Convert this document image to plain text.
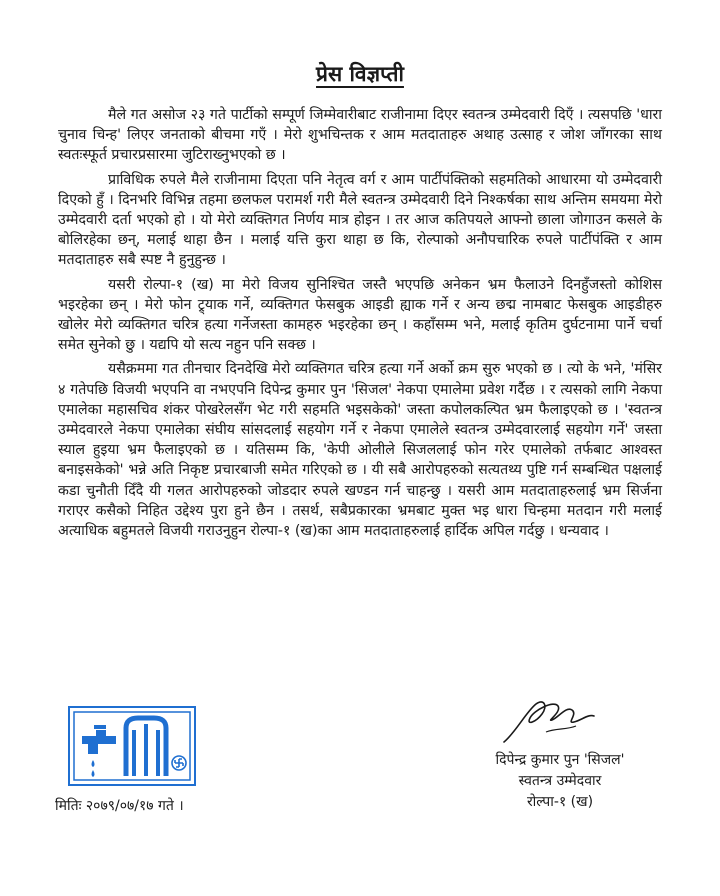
प्रेस विज्ञप्ती

मैले गत असोज २३ गते पार्टीको सम्पूर्ण जिम्मेवारीबाट राजीनामा दिएर स्वतन्त्र उम्मेदवारी दिएँ । त्यसपछि 'धारा चुनाव चिन्ह' लिएर जनताको बीचमा गएँ । मेरो शुभचिन्तक र आम मतदाताहरु अथाह उत्साह र जोश जाँगरका साथ स्वतःस्फूर्त प्रचारप्रसारमा जुटिराख्नुभएको छ ।

प्राविधिक रुपले मैले राजीनामा दिएता पनि नेतृत्व वर्ग र आम पार्टीपंक्तिको सहमतिको आधारमा यो उम्मेदवारी दिएको हुँ । दिनभरि विभिन्न तहमा छलफल परामर्श गरी मैले स्वतन्त्र उम्मेदवारी दिने निश्कर्षका साथ अन्तिम समयमा मेरो उम्मेदवारी दर्ता भएको हो । यो मेरो व्यक्तिगत निर्णय मात्र होइन । तर आज कतिपयले आफ्नो छाला जोगाउन कसले के बोलिरहेका छन्, मलाई थाहा छैन । मलाई यत्ति कुरा थाहा छ कि, रोल्पाको अनौपचारिक रुपले पार्टीपंक्ति र आम मतदाताहरु सबै स्पष्ट नै हुनुहुन्छ ।

यसरी रोल्पा-१ (ख) मा मेरो विजय सुनिश्चित जस्तै भएपछि अनेकन भ्रम फैलाउने दिनहुँजस्तो कोशिस भइरहेका छन् । मेरो फोन ट्र्याक गर्ने, व्यक्तिगत फेसबुक आइडी ह्याक गर्ने र अन्य छद्म नामबाट फेसबुक आइडीहरु खोलेर मेरो व्यक्तिगत चरित्र हत्या गर्नेजस्ता कामहरु भइरहेका छन् । कहाँसम्म भने, मलाई कृतिम दुर्घटनामा पार्ने चर्चा समेत सुनेको छु । यद्यपि यो सत्य नहुन पनि सक्छ ।

यसैक्रममा गत तीनचार दिनदेखि मेरो व्यक्तिगत चरित्र हत्या गर्ने अर्को क्रम सुरु भएको छ । त्यो के भने, 'मंसिर ४ गतेपछि विजयी भएपनि वा नभएपनि दिपेन्द्र कुमार पुन 'सिजल' नेकपा एमालेमा प्रवेश गर्दैछ । र त्यसको लागि नेकपा एमालेका महासचिव शंकर पोखरेलसँग भेट गरी सहमति भइसकेको' जस्ता कपोलकल्पित भ्रम फैलाइएको छ । 'स्वतन्त्र उम्मेदवारले नेकपा एमालेका संघीय सांसदलाई सहयोग गर्ने र नेकपा एमालेले स्वतन्त्र उम्मेदवारलाई सहयोग गर्ने' जस्ता स्याल हुइया भ्रम फैलाइएको छ । यतिसम्म कि, 'केपी ओलीले सिजललाई फोन गरेर एमालेको तर्फबाट आश्वस्त बनाइसकेको' भन्ने अति निकृष्ट प्रचारबाजी समेत गरिएको छ । यी सबै आरोपहरुको सत्यतथ्य पुष्टि गर्न सम्बन्धित पक्षलाई कडा चुनौती दिँदै यी गलत आरोपहरुको जोडदार रुपले खण्डन गर्न चाहन्छु । यसरी आम मतदाताहरुलाई भ्रम सिर्जना गराएर कसैको निहित उद्देश्य पुरा हुने छैन । तसर्थ, सबैप्रकारका भ्रमबाट मुक्त भइ धारा चिन्हमा मतदान गरी मलाई अत्याधिक बहुमतले विजयी गराउनुहुन रोल्पा-१ (ख)का आम मतदाताहरुलाई हार्दिक अपिल गर्दछु । धन्यवाद ।

दिपेन्द्र कुमार पुन 'सिजल'
स्वतन्त्र उम्मेदवार
रोल्पा-१ (ख)
मितिः २०७९/०७/१७ गते ।
